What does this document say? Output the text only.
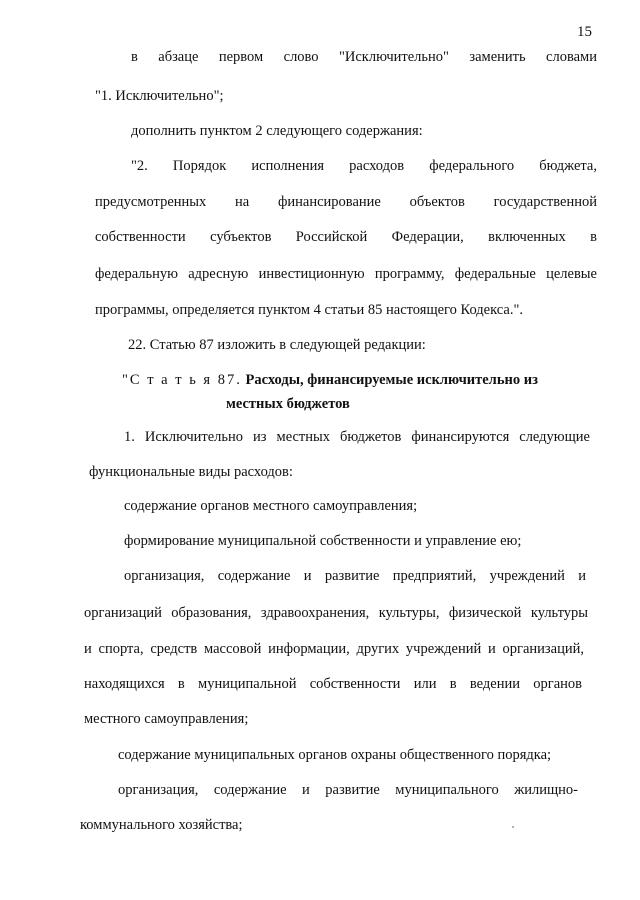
15
в абзаце первом слово "Исключительно" заменить словами
"1. Исключительно";
дополнить пунктом 2 следующего содержания:
"2. Порядок исполнения расходов федерального бюджета,
предусмотренных на финансирование объектов государственной
собственности субъектов Российской Федерации, включенных в
федеральную адресную инвестиционную программу, федеральные целевые
программы, определяется пунктом 4 статьи 85 настоящего Кодекса.".
22. Статью 87 изложить в следующей редакции:
"С т а т ь я 87. Расходы, финансируемые исключительно из
местных бюджетов
1. Исключительно из местных бюджетов финансируются следующие
функциональные виды расходов:
содержание органов местного самоуправления;
формирование муниципальной собственности и управление ею;
организация, содержание и развитие предприятий, учреждений и
организаций образования, здравоохранения, культуры, физической культуры
и спорта, средств массовой информации, других учреждений и организаций,
находящихся в муниципальной собственности или в ведении органов
местного самоуправления;
содержание муниципальных органов охраны общественного порядка;
организация, содержание и развитие муниципального жилищно-
коммунального хозяйства;
